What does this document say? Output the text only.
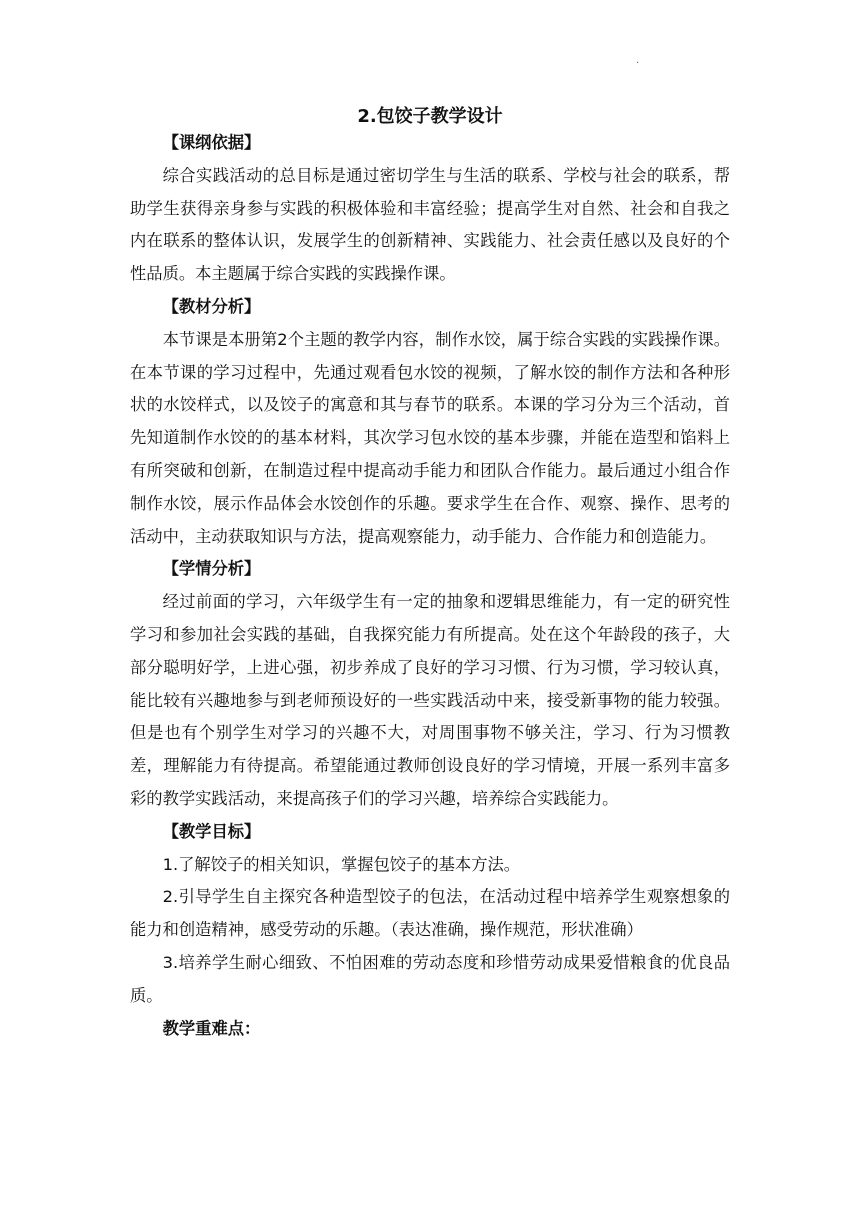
·
2.包饺子教学设计

【课纲依据】

综合实践活动的总目标是通过密切学生与生活的联系、学校与社会的联系，帮助学生获得亲身参与实践的积极体验和丰富经验；提高学生对自然、社会和自我之内在联系的整体认识，发展学生的创新精神、实践能力、社会责任感以及良好的个性品质。本主题属于综合实践的实践操作课。

【教材分析】

本节课是本册第2个主题的教学内容，制作水饺，属于综合实践的实践操作课。在本节课的学习过程中，先通过观看包水饺的视频，了解水饺的制作方法和各种形状的水饺样式，以及饺子的寓意和其与春节的联系。本课的学习分为三个活动，首先知道制作水饺的的基本材料，其次学习包水饺的基本步骤，并能在造型和馅料上有所突破和创新，在制造过程中提高动手能力和团队合作能力。最后通过小组合作制作水饺，展示作品体会水饺创作的乐趣。要求学生在合作、观察、操作、思考的活动中，主动获取知识与方法，提高观察能力，动手能力、合作能力和创造能力。

【学情分析】

经过前面的学习，六年级学生有一定的抽象和逻辑思维能力，有一定的研究性学习和参加社会实践的基础，自我探究能力有所提高。处在这个年龄段的孩子，大部分聪明好学，上进心强，初步养成了良好的学习习惯、行为习惯，学习较认真，能比较有兴趣地参与到老师预设好的一些实践活动中来，接受新事物的能力较强。但是也有个别学生对学习的兴趣不大，对周围事物不够关注，学习、行为习惯教差，理解能力有待提高。希望能通过教师创设良好的学习情境，开展一系列丰富多彩的教学实践活动，来提高孩子们的学习兴趣，培养综合实践能力。

【教学目标】

1.了解饺子的相关知识，掌握包饺子的基本方法。

2.引导学生自主探究各种造型饺子的包法，在活动过程中培养学生观察想象的能力和创造精神，感受劳动的乐趣。（表达准确，操作规范，形状准确）

3.培养学生耐心细致、不怕困难的劳动态度和珍惜劳动成果爱惜粮食的优良品质。

教学重难点：
